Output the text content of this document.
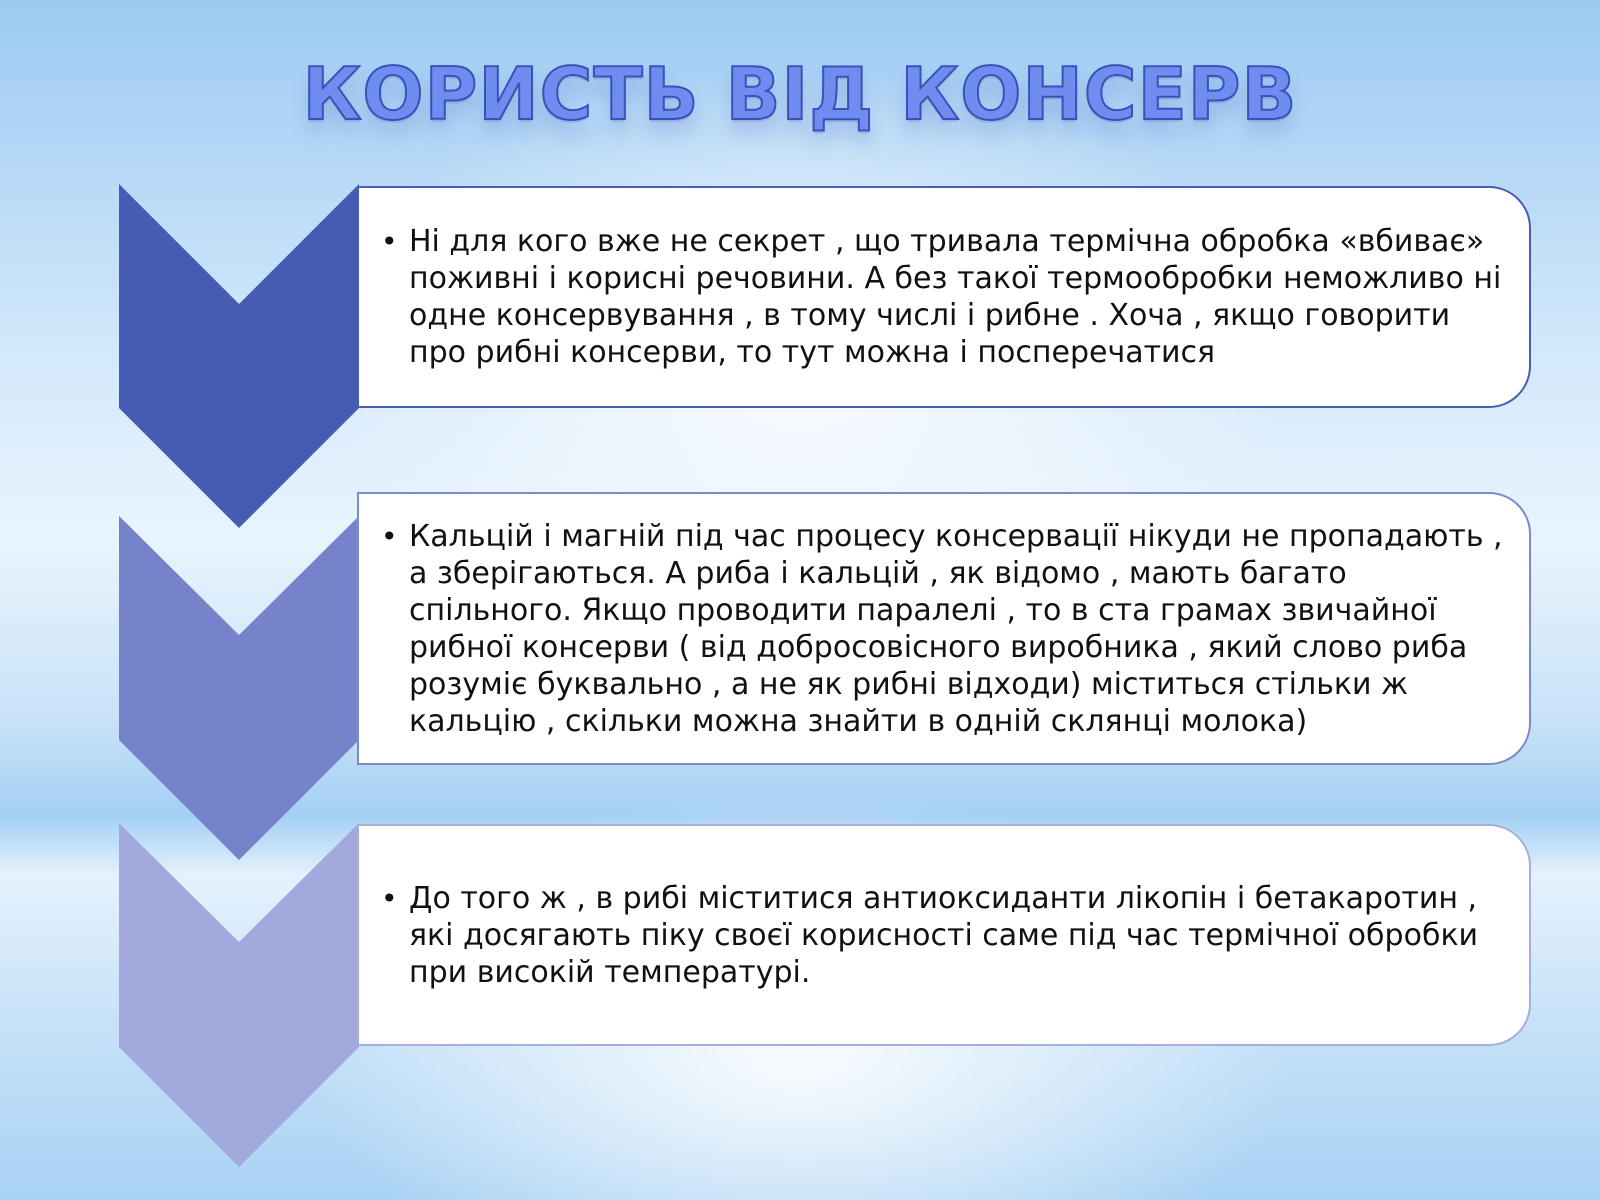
КОРИСТЬ ВІД КОНСЕРВ
• Ні для кого вже не секрет , що тривала термічна обробка «вбиває» поживні і корисні речовини. А без такої термообробки неможливо ні одне консервування , в тому числі і рибне . Хоча , якщо говорити про рибні консерви, то тут можна і посперечатися
• Кальцій і магній під час процесу консервації нікуди не пропадають , а зберігаються. А риба і кальцій , як відомо , мають багато спільного. Якщо проводити паралелі , то в ста грамах звичайної рибної консерви ( від добросовісного виробника , який слово риба розуміє буквально , а не як рибні відходи) міститься стільки ж кальцію , скільки можна знайти в одній склянці молока)
• До того ж , в рибі міститися антиоксиданти лікопін і бетакаротин , які досягають піку своєї корисності саме під час термічної обробки при високій температурі.
